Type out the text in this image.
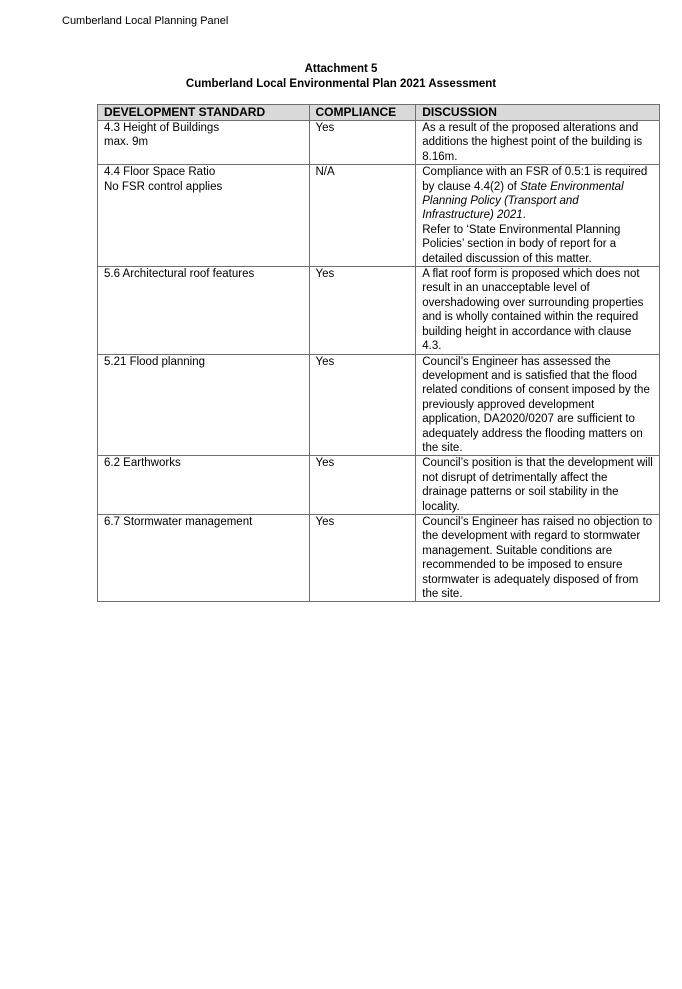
Cumberland Local Planning Panel
Attachment 5
Cumberland Local Environmental Plan 2021 Assessment
DEVELOPMENT STANDARD	COMPLIANCE	DISCUSSION

4.3 Height of Buildings
max. 9m	Yes	As a result of the proposed alterations and additions the highest point of the building is 8.16m.

4.4 Floor Space Ratio
No FSR control applies	N/A	Compliance with an FSR of 0.5:1 is required by clause 4.4(2) of State Environmental Planning Policy (Transport and Infrastructure) 2021.
Refer to ‘State Environmental Planning Policies’ section in body of report for a detailed discussion of this matter.

5.6 Architectural roof features	Yes	A flat roof form is proposed which does not result in an unacceptable level of overshadowing over surrounding properties and is wholly contained within the required building height in accordance with clause 4.3.

5.21 Flood planning	Yes	Council’s Engineer has assessed the development and is satisfied that the flood related conditions of consent imposed by the previously approved development application, DA2020/0207 are sufficient to adequately address the flooding matters on the site.

6.2 Earthworks	Yes	Council’s position is that the development will not disrupt of detrimentally affect the drainage patterns or soil stability in the locality.

6.7 Stormwater management	Yes	Council’s Engineer has raised no objection to the development with regard to stormwater management. Suitable conditions are recommended to be imposed to ensure stormwater is adequately disposed of from the site.
